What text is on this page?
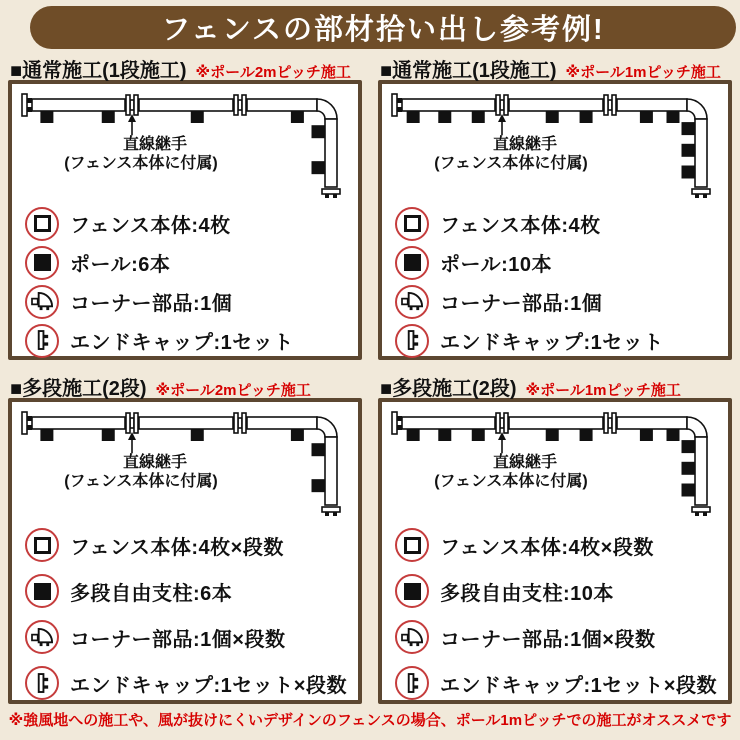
フェンスの部材拾い出し参考例!
■通常施工(1段施工) ※ポール2mピッチ施工
直線継手
(フェンス本体に付属)
フェンス本体:4枚
ポール:6本
コーナー部品:1個
エンドキャップ:1セット
■通常施工(1段施工) ※ポール1mピッチ施工
直線継手
(フェンス本体に付属)
フェンス本体:4枚
ポール:10本
コーナー部品:1個
エンドキャップ:1セット
■多段施工(2段) ※ポール2mピッチ施工
直線継手
(フェンス本体に付属)
フェンス本体:4枚×段数
多段自由支柱:6本
コーナー部品:1個×段数
エンドキャップ:1セット×段数
■多段施工(2段) ※ポール1mピッチ施工
直線継手
(フェンス本体に付属)
フェンス本体:4枚×段数
多段自由支柱:10本
コーナー部品:1個×段数
エンドキャップ:1セット×段数
※強風地への施工や、風が抜けにくいデザインのフェンスの場合、ポール1mピッチでの施工がオススメです
